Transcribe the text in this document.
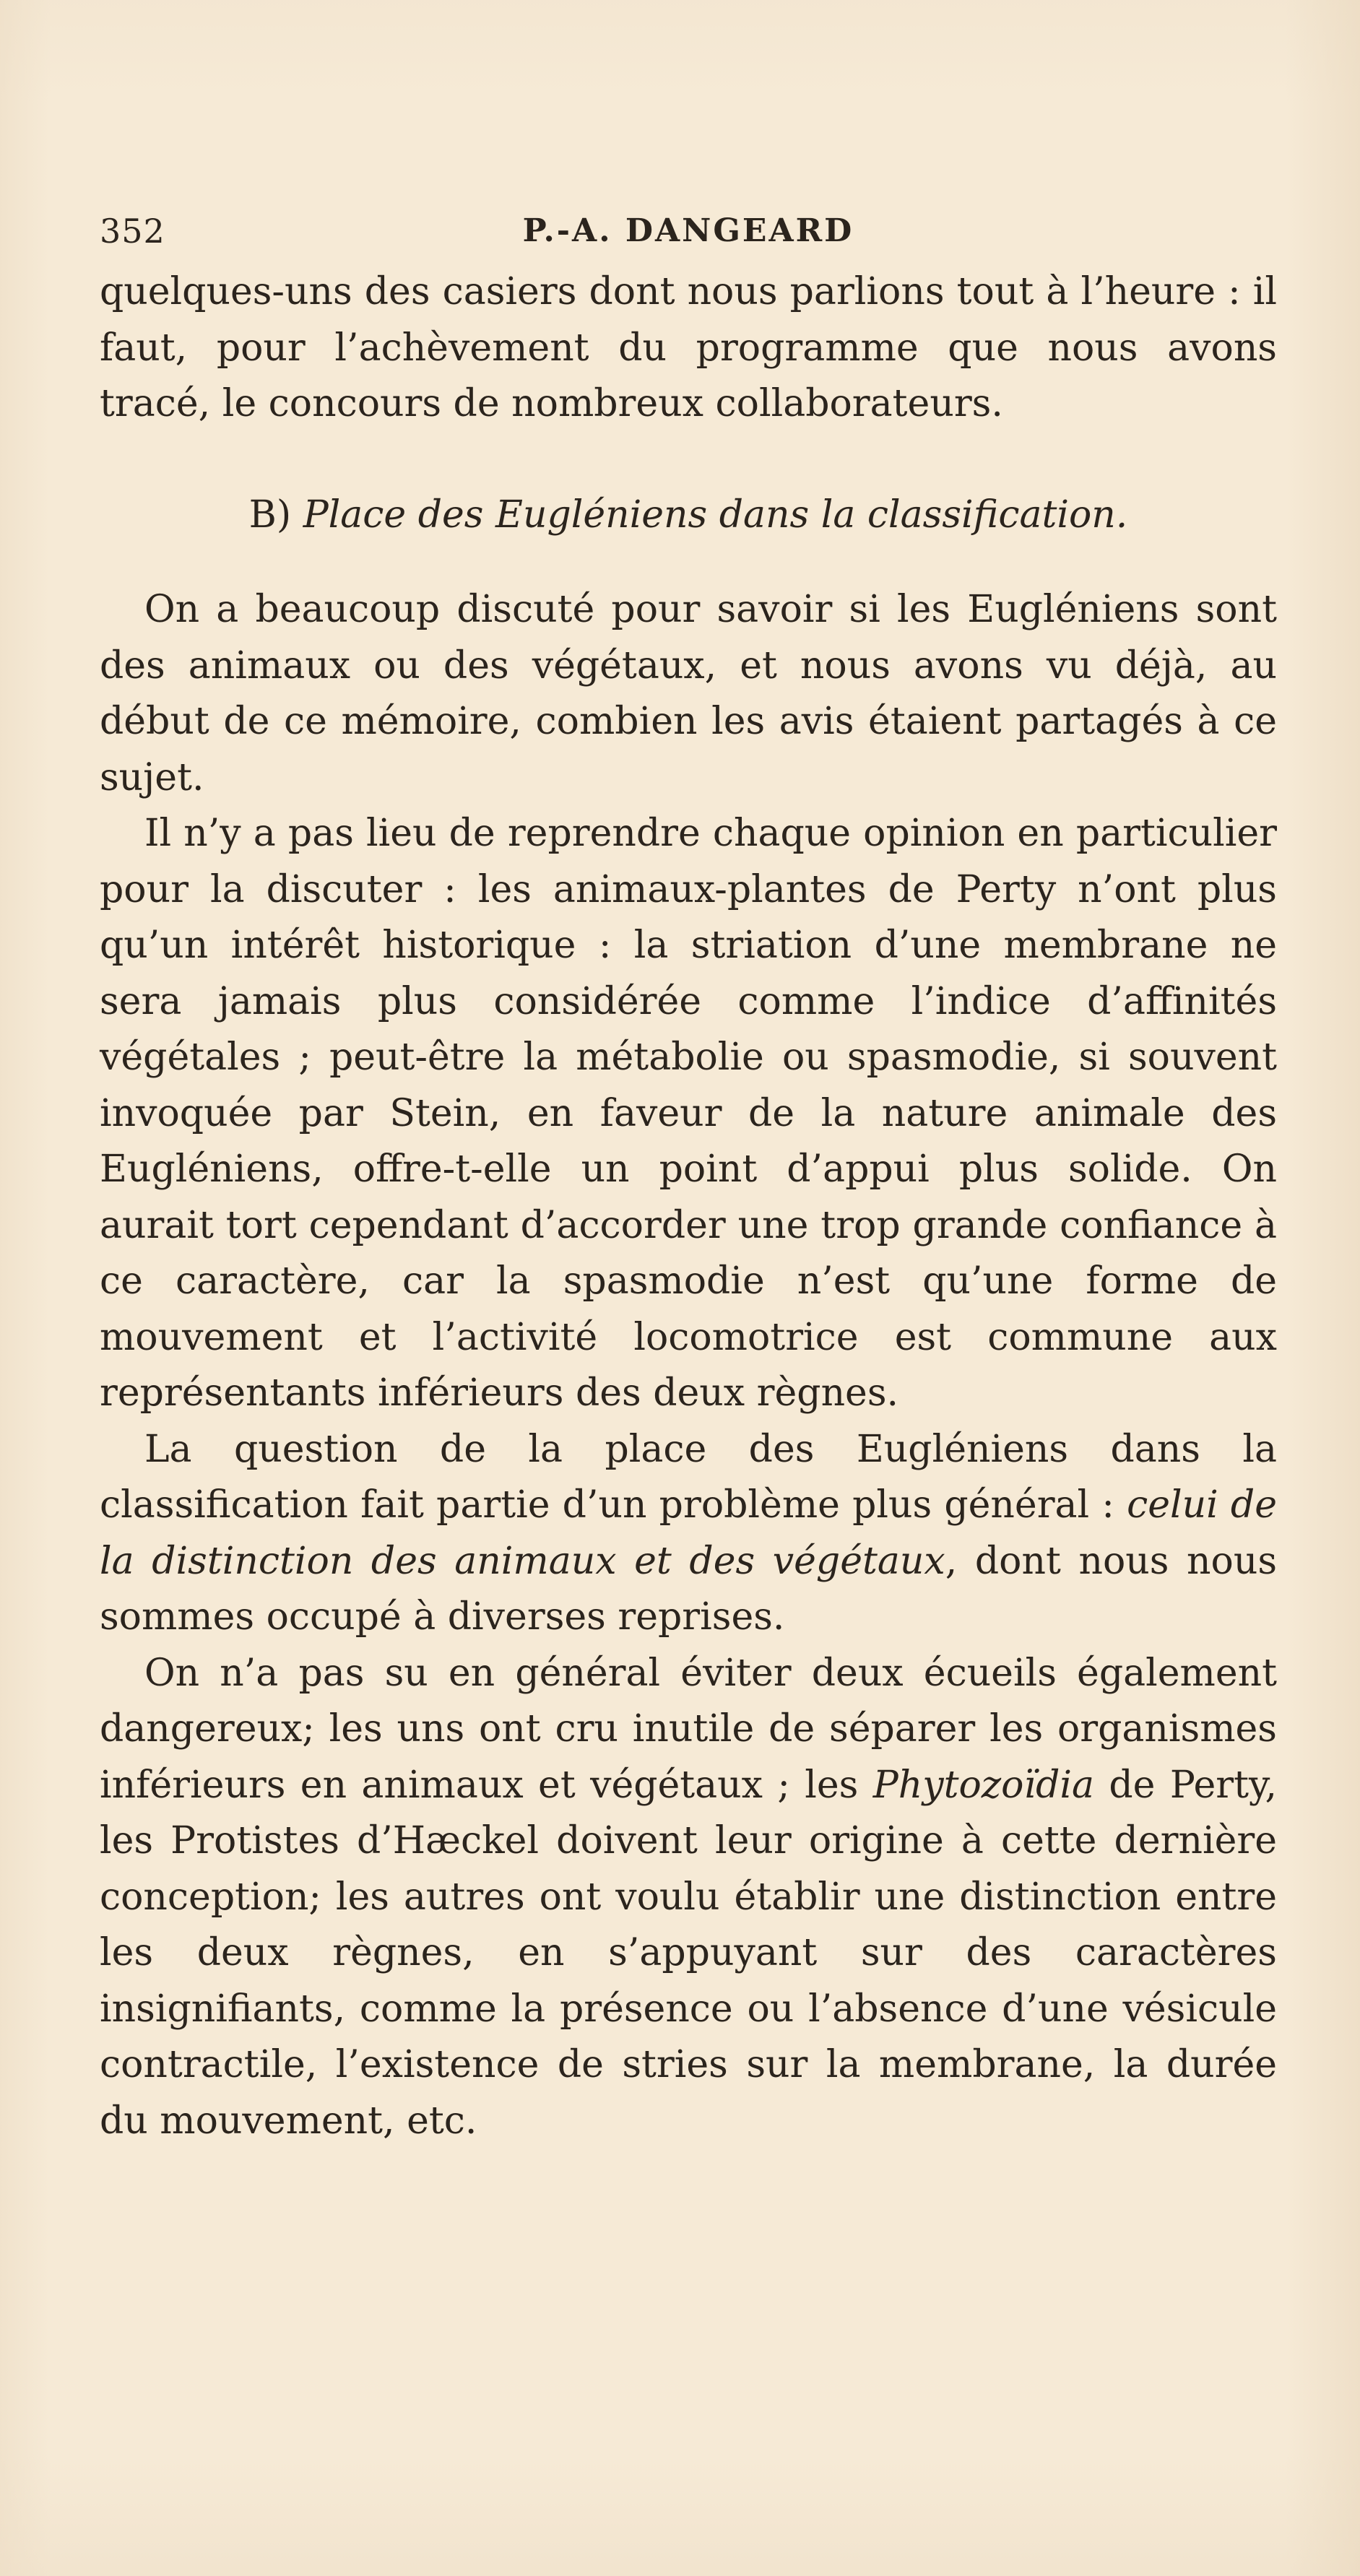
352	P.-A. DANGEARD

quelques-uns des casiers dont nous parlions tout à l’heure : il faut, pour l’achèvement du programme que nous avons tracé, le concours de nombreux collaborateurs.

B) Place des Eugléniens dans la classification.

On a beaucoup discuté pour savoir si les Eugléniens sont des animaux ou des végétaux, et nous avons vu déjà, au début de ce mémoire, combien les avis étaient partagés à ce sujet.

Il n’y a pas lieu de reprendre chaque opinion en particulier pour la discuter : les animaux-plantes de Perty n’ont plus qu’un intérêt historique : la striation d’une membrane ne sera jamais plus considérée comme l’indice d’affinités végétales ; peut-être la métabolie ou spasmodie, si souvent invoquée par Stein, en faveur de la nature animale des Eugléniens, offre-t-elle un point d’appui plus solide. On aurait tort cependant d’accorder une trop grande confiance à ce caractère, car la spasmodie n’est qu’une forme de mouvement et l’activité locomotrice est commune aux représentants inférieurs des deux règnes.

La question de la place des Eugléniens dans la classification fait partie d’un problème plus général : celui de la distinction des animaux et des végétaux, dont nous nous sommes occupé à diverses reprises.

On n’a pas su en général éviter deux écueils également dangereux; les uns ont cru inutile de séparer les organismes inférieurs en animaux et végétaux ; les Phytozoïdia de Perty, les Protistes d’Hæckel doivent leur origine à cette dernière conception; les autres ont voulu établir une distinction entre les deux règnes, en s’appuyant sur des caractères insignifiants, comme la présence ou l’absence d’une vésicule contractile, l’existence de stries sur la membrane, la durée du mouvement, etc.
